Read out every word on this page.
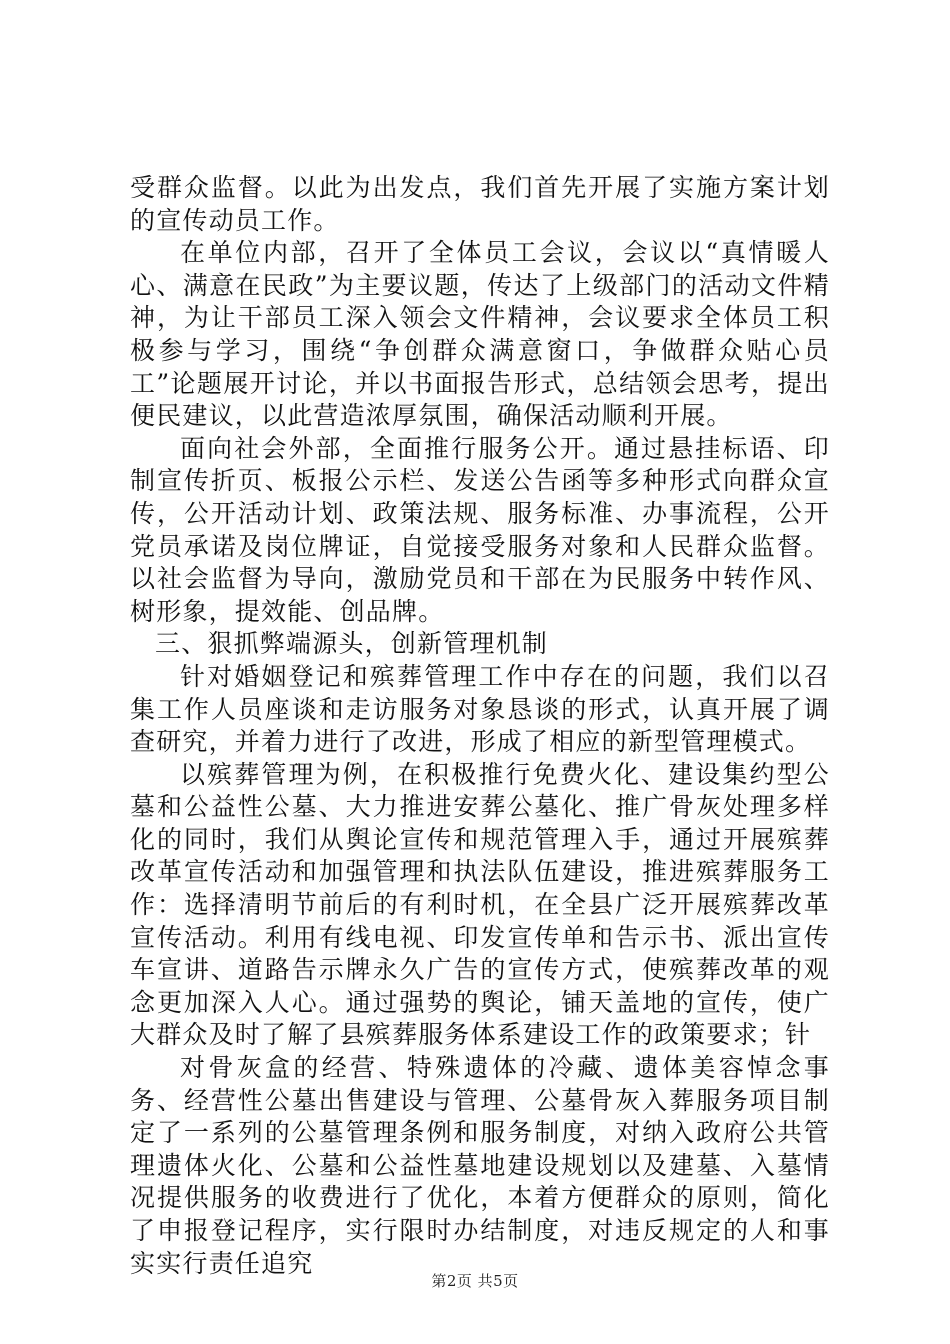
受群众监督。以此为出发点，我们首先开展了实施方案计划的宣传动员工作。

在单位内部，召开了全体员工会议，会议以“真情暖人心、满意在民政”为主要议题，传达了上级部门的活动文件精神，为让干部员工深入领会文件精神，会议要求全体员工积极参与学习，围绕“争创群众满意窗口，争做群众贴心员工”论题展开讨论，并以书面报告形式，总结领会思考，提出便民建议，以此营造浓厚氛围，确保活动顺利开展。

面向社会外部，全面推行服务公开。通过悬挂标语、印制宣传折页、板报公示栏、发送公告函等多种形式向群众宣传，公开活动计划、政策法规、服务标准、办事流程，公开党员承诺及岗位牌证，自觉接受服务对象和人民群众监督。以社会监督为导向，激励党员和干部在为民服务中转作风、树形象，提效能、创品牌。

三、狠抓弊端源头，创新管理机制

针对婚姻登记和殡葬管理工作中存在的问题，我们以召集工作人员座谈和走访服务对象恳谈的形式，认真开展了调查研究，并着力进行了改进，形成了相应的新型管理模式。

以殡葬管理为例，在积极推行免费火化、建设集约型公墓和公益性公墓、大力推进安葬公墓化、推广骨灰处理多样化的同时，我们从舆论宣传和规范管理入手，通过开展殡葬改革宣传活动和加强管理和执法队伍建设，推进殡葬服务工作：选择清明节前后的有利时机，在全县广泛开展殡葬改革宣传活动。利用有线电视、印发宣传单和告示书、派出宣传车宣讲、道路告示牌永久广告的宣传方式，使殡葬改革的观念更加深入人心。通过强势的舆论，铺天盖地的宣传，使广大群众及时了解了县殡葬服务体系建设工作的政策要求；针

对骨灰盒的经营、特殊遗体的冷藏、遗体美容悼念事务、经营性公墓出售建设与管理、公墓骨灰入葬服务项目制定了一系列的公墓管理条例和服务制度，对纳入政府公共管理遗体火化、公墓和公益性墓地建设规划以及建墓、入墓情况提供服务的收费进行了优化，本着方便群众的原则，简化了申报登记程序，实行限时办结制度，对违反规定的人和事实实行责任追究

第2页 共5页
